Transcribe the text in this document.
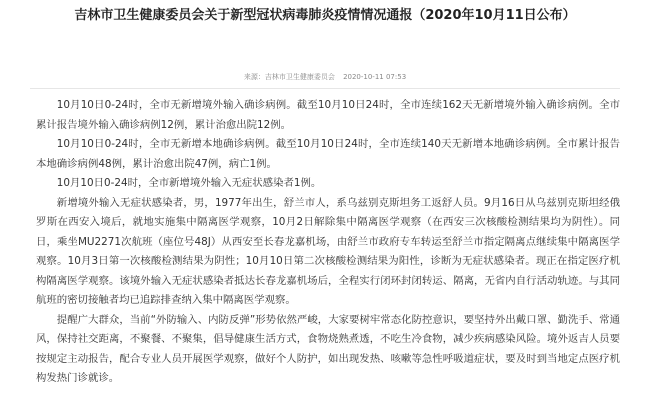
吉林市卫生健康委员会关于新型冠状病毒肺炎疫情情况通报（2020年10月11日公布）
来源：吉林市卫生健康委员会 2020-10-11 07:53

10月10日0-24时，全市无新增境外输入确诊病例。截至10月10日24时，全市连续162天无新增境外输入确诊病例。全市累计报告境外输入确诊病例12例，累计治愈出院12例。

10月10日0-24时，全市无新增本地确诊病例。截至10月10日24时，全市连续140天无新增本地确诊病例。全市累计报告本地确诊病例48例，累计治愈出院47例，病亡1例。

10月10日0-24时，全市新增境外输入无症状感染者1例。

新增境外输入无症状感染者，男，1977年出生，舒兰市人，系乌兹别克斯坦务工返舒人员。9月16日从乌兹别克斯坦经俄罗斯在西安入境后，就地实施集中隔离医学观察，10月2日解除集中隔离医学观察（在西安三次核酸检测结果均为阴性）。同日，乘坐MU2271次航班（座位号48J）从西安至长春龙嘉机场，由舒兰市政府专车转运至舒兰市指定隔离点继续集中隔离医学观察。10月3日第一次核酸检测结果为阴性；10月10日第二次核酸检测结果为阳性，诊断为无症状感染者。现正在指定医疗机构隔离医学观察。该境外输入无症状感染者抵达长春龙嘉机场后，全程实行闭环封闭转运、隔离，无省内自行活动轨迹。与其同航班的密切接触者均已追踪排查纳入集中隔离医学观察。

提醒广大群众，当前“外防输入、内防反弹”形势依然严峻，大家要树牢常态化防控意识，要坚持外出戴口罩、勤洗手、常通风，保持社交距离，不聚餐、不聚集，倡导健康生活方式，食物烧熟煮透，不吃生冷食物，减少疾病感染风险。境外返吉人员要按规定主动报告，配合专业人员开展医学观察，做好个人防护，如出现发热、咳嗽等急性呼吸道症状，要及时到当地定点医疗机构发热门诊就诊。
